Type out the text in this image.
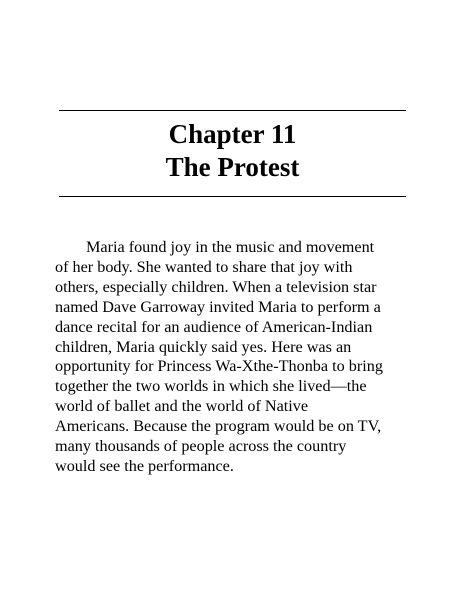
Chapter 11
The Protest
Maria found joy in the music and movement
of her body. She wanted to share that joy with
others, especially children. When a television star
named Dave Garroway invited Maria to perform a
dance recital for an audience of American-Indian
children, Maria quickly said yes. Here was an
opportunity for Princess Wa-Xthe-Thonba to bring
together the two worlds in which she lived—the
world of ballet and the world of Native
Americans. Because the program would be on TV,
many thousands of people across the country
would see the performance.
